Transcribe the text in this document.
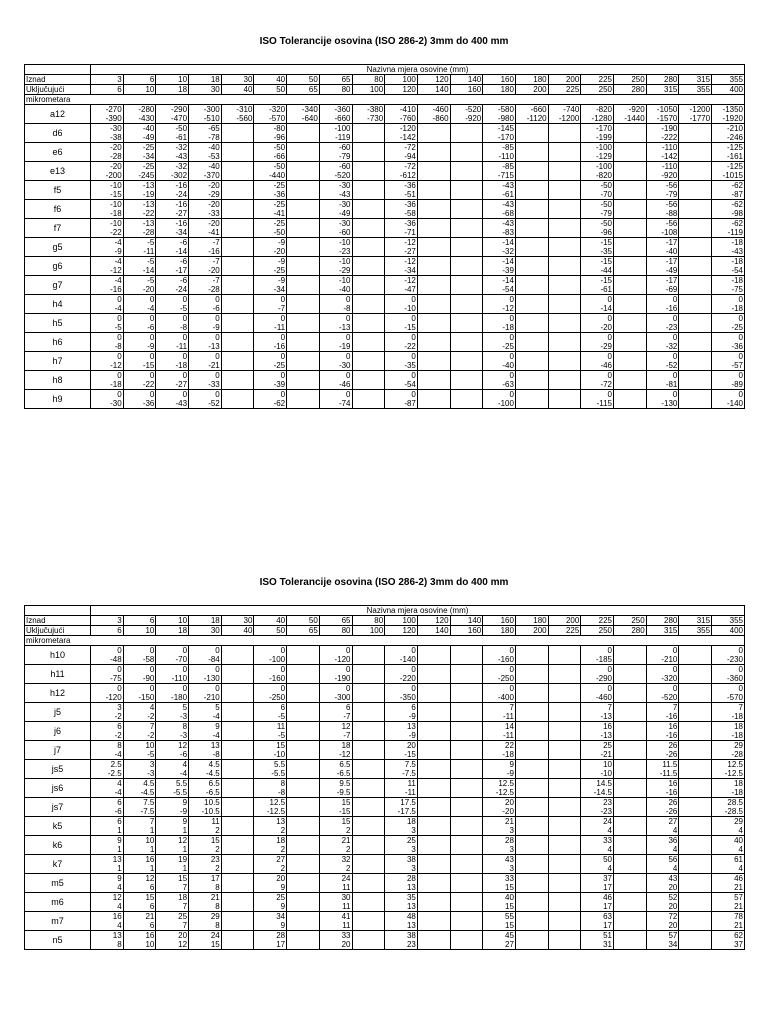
ISO Tolerancije osovina (ISO 286-2) 3mm do 400 mm
	Nazivna mjera osovine (mm)																			
Iznad	3	6	10	18	30	40	50	65	80	100	120	140	160	180	200	225	250	280	315	355
Uključujući	6	10	18	30	40	50	65	80	100	120	140	160	180	200	225	250	280	315	355	400
mikrometara																				
a12	-270	-280	-290	-300	-310	-320	-340	-360	-380	-410	-460	-520	-580	-660	-740	-820	-920	-1050	-1200	-1350
	-390	-430	-470	-510	-560	-570	-640	-660	-730	-760	-860	-920	-980	-1120	-1200	-1280	-1440	-1570	-1770	-1920
d6	-30	-40	-50	-65		-80		-100		-120			-145			-170		-190		-210
	-38	-49	-61	-78		-96		-119		-142			-170			-199		-222		-246
e6	-20	-25	-32	-40		-50		-60		-72			-85			-100		-110		-125
	-28	-34	-43	-53		-66		-79		-94			-110			-129		-142		-161
e13	-20	-25	-32	-40		-50		-60		-72			-85			-100		-110		-125
	-200	-245	-302	-370		-440		-520		-612			-715			-820		-920		-1015
f5	-10	-13	-16	-20		-25		-30		-36			-43			-50		-56		-62
	-15	-19	-24	-29		-36		-43		-51			-61			-70		-79		-87
f6	-10	-13	-16	-20		-25		-30		-36			-43			-50		-56		-62
	-18	-22	-27	-33		-41		-49		-58			-68			-79		-88		-98
f7	-10	-13	-16	-20		-25		-30		-36			-43			-50		-56		-62
	-22	-28	-34	-41		-50		-60		-71			-83			-96		-108		-119
g5	-4	-5	-6	-7		-9		-10		-12			-14			-15		-17		-18
	-9	-11	-14	-16		-20		-23		-27			-32			-35		-40		-43
g6	-4	-5	-6	-7		-9		-10		-12			-14			-15		-17		-18
	-12	-14	-17	-20		-25		-29		-34			-39			-44		-49		-54
g7	-4	-5	-6	-7		-9		-10		-12			-14			-15		-17		-18
	-16	-20	-24	-28		-34		-40		-47			-54			-61		-69		-75
h4	0	0	0	0		0		0		0			0			0		0		0
	-4	-4	-5	-6		-7		-8		-10			-12			-14		-16		-18
h5	0	0	0	0		0		0		0			0			0		0		0
	-5	-6	-8	-9		-11		-13		-15			-18			-20		-23		-25
h6	0	0	0	0		0		0		0			0			0		0		0
	-8	-9	-11	-13		-16		-19		-22			-25			-29		-32		-36
h7	0	0	0	0		0		0		0			0			0		0		0
	-12	-15	-18	-21		-25		-30		-35			-40			-46		-52		-57
h8	0	0	0	0		0		0		0			0			0		0		0
	-18	-22	-27	-33		-39		-46		-54			-63			-72		-81		-89
h9	0	0	0	0		0		0		0			0			0		0		0
	-30	-36	-43	-52		-62		-74		-87			-100			-115		-130		-140
ISO Tolerancije osovina (ISO 286-2) 3mm do 400 mm
	Nazivna mjera osovine (mm)																			
Iznad	3	6	10	18	30	40	50	65	80	100	120	140	160	180	200	225	250	280	315	355
Uključujući	6	10	18	30	40	50	65	80	100	120	140	160	180	200	225	250	280	315	355	400
mikrometara																				
h10	0	0	0	0		0		0		0			0			0		0		0
	-48	-58	-70	-84		-100		-120		-140			-160			-185		-210		-230
h11	0	0	0	0		0		0		0			0			0		0		0
	-75	-90	-110	-130		-160		-190		-220			-250			-290		-320		-360
h12	0	0	0	0		0		0		0			0			0		0		0
	-120	-150	-180	-210		-250		-300		-350			-400			-460		-520		-570
j5	3	4	5	5		6		6		6			7			7		7		7
	-2	-2	-3	-4		-5		-7		-9			-11			-13		-16		-18
j6	6	7	8	9		11		12		13			14			16		16		18
	-2	-2	-3	-4		-5		-7		-9			-11			-13		-16		-18
j7	8	10	12	13		15		18		20			22			25		26		29
	-4	-5	-6	-8		-10		-12		-15			-18			-21		-26		-28
js5	2.5	3	4	4.5		5.5		6.5		7.5			9			10		11.5		12.5
	-2.5	-3	-4	-4.5		-5.5		-6.5		-7.5			-9			-10		-11.5		-12.5
js6	4	4.5	5.5	6.5		8		9.5		11			12.5			14.5		16		18
	-4	-4.5	-5.5	-6.5		-8		-9.5		-11			-12.5			-14.5		-16		-18
js7	6	7.5	9	10.5		12.5		15		17.5			20			23		26		28.5
	-6	-7.5	-9	-10.5		-12.5		-15		-17.5			-20			-23		-26		-28.5
k5	6	7	9	11		13		15		18			21			24		27		29
	1	1	1	2		2		2		3			3			4		4		4
k6	9	10	12	15		18		21		25			28			33		36		40
	1	1	1	2		2		2		3			3			4		4		4
k7	13	16	19	23		27		32		38			43			50		56		61
	1	1	1	2		2		2		3			3			4		4		4
m5	9	12	15	17		20		24		28			33			37		43		46
	4	6	7	8		9		11		13			15			17		20		21
m6	12	15	18	21		25		30		35			40			46		52		57
	4	6	7	8		9		11		13			15			17		20		21
m7	16	21	25	29		34		41		48			55			63		72		78
	4	6	7	8		9		11		13			15			17		20		21
n5	13	16	20	24		28		33		38			45			51		57		62
	8	10	12	15		17		20		23			27			31		34		37
